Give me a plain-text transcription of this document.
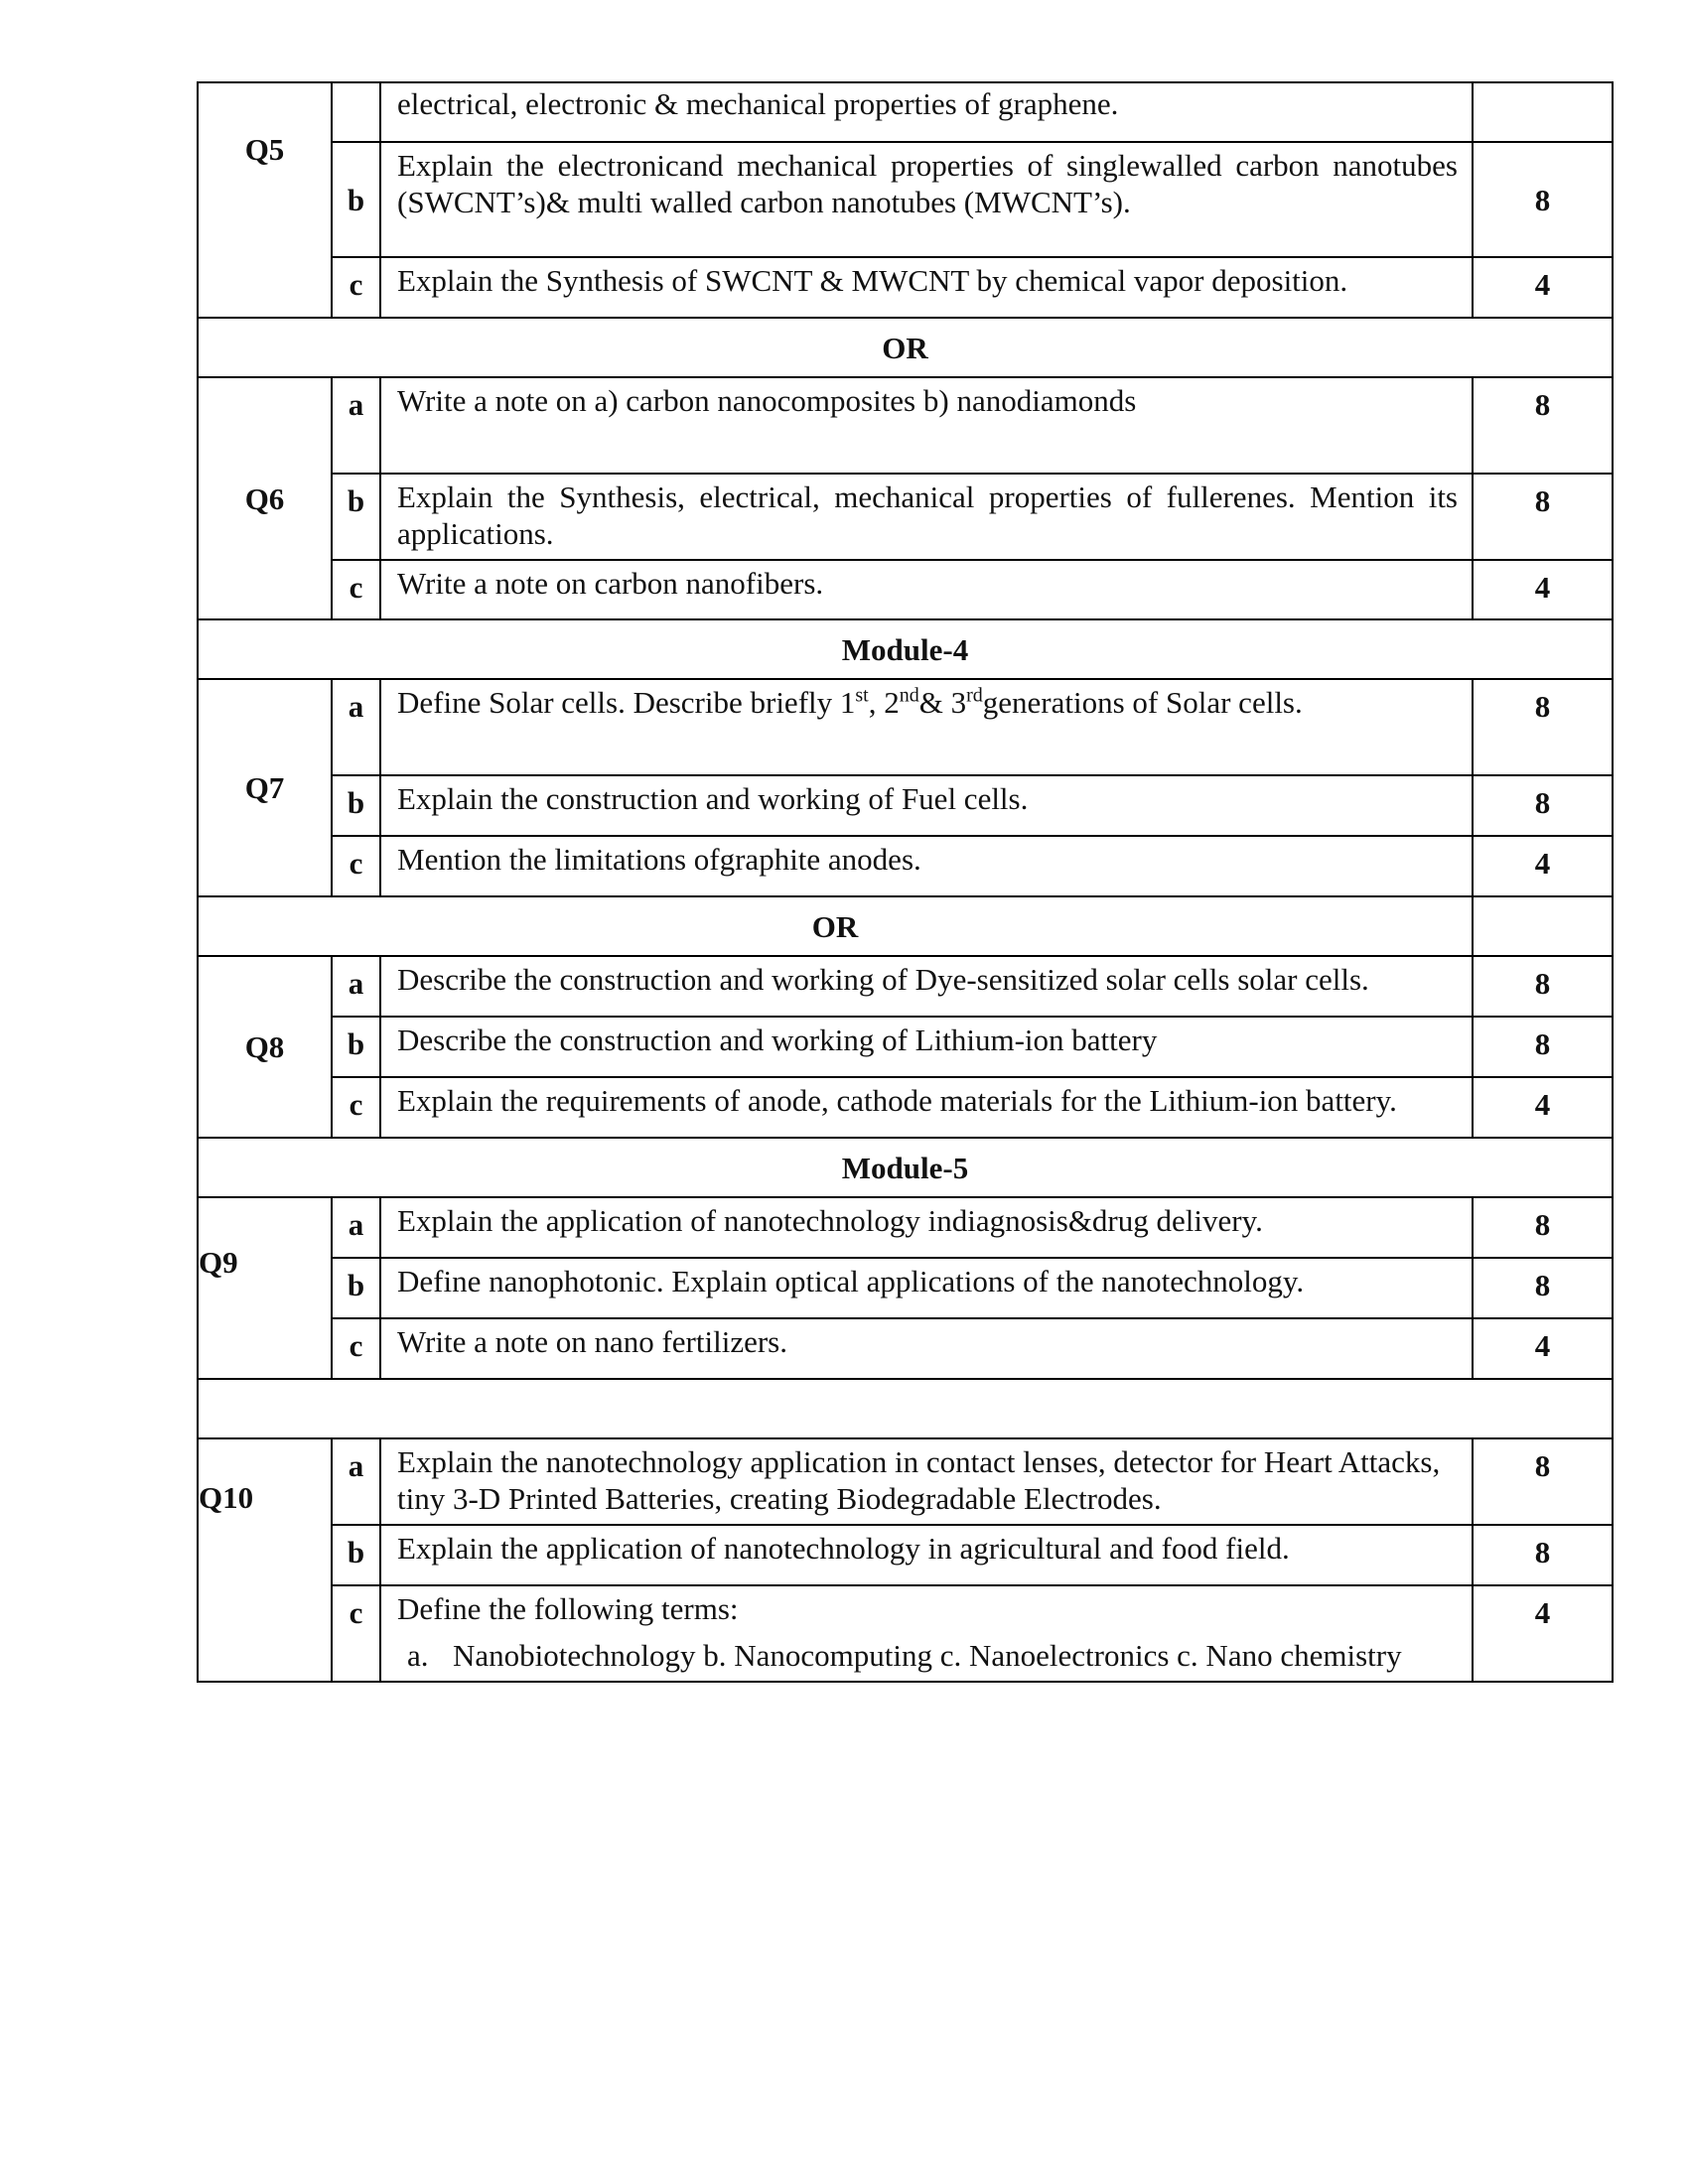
Q5		electrical, electronic & mechanical properties of graphene.	
	b	Explain the electronicand mechanical properties of singlewalled carbon nanotubes (SWCNT’s)& multi walled carbon nanotubes (MWCNT’s).	8
	c	Explain the Synthesis of SWCNT & MWCNT by chemical vapor deposition.	4
OR			
Q6	a	Write a note on a) carbon nanocomposites b) nanodiamonds	8
	b	Explain the Synthesis, electrical, mechanical properties of fullerenes. Mention its applications.	8
	c	Write a note on carbon nanofibers.	4
Module-4			
Q7	a	Define Solar cells. Describe briefly 1st, 2nd& 3rdgenerations of Solar cells.	8
	b	Explain the construction and working of Fuel cells.	8
	c	Mention the limitations ofgraphite anodes.	4
OR			
Q8	a	Describe the construction and working of Dye-sensitized solar cells solar cells.	8
	b	Describe the construction and working of Lithium-ion battery	8
	c	Explain the requirements of anode, cathode materials for the Lithium-ion battery.	4
Module-5			
Q9	a	Explain the application of nanotechnology indiagnosis&drug delivery.	8
	b	Define nanophotonic. Explain optical applications of the nanotechnology.	8
	c	Write a note on nano fertilizers.	4

Q10	a	Explain the nanotechnology application in contact lenses, detector for Heart Attacks, tiny 3-D Printed Batteries, creating Biodegradable Electrodes.	8
	b	Explain the application of nanotechnology in agricultural and food field.	8
	c	Define the following terms:
a. Nanobiotechnology b. Nanocomputing c. Nanoelectronics c. Nano chemistry	4
